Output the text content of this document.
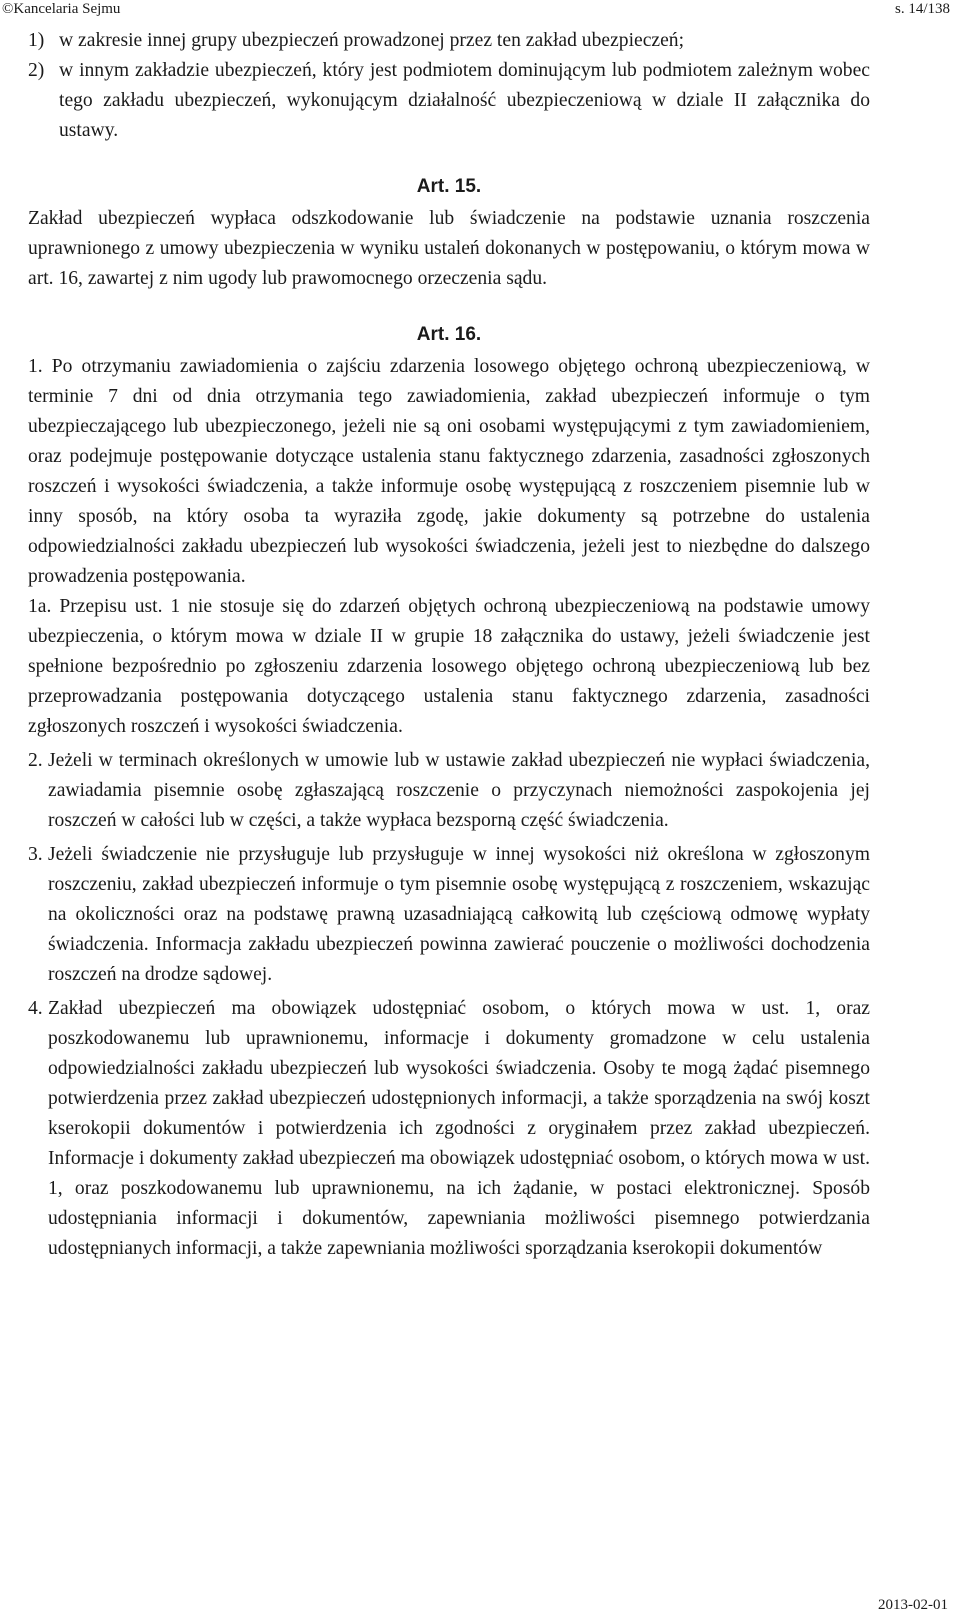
©Kancelaria Sejmu	s. 14/138
1) w zakresie innej grupy ubezpieczeń prowadzonej przez ten zakład ubezpieczeń;
2) w innym zakładzie ubezpieczeń, który jest podmiotem dominującym lub podmiotem zależnym wobec tego zakładu ubezpieczeń, wykonującym działalność ubezpieczeniową w dziale II załącznika do ustawy.
Art. 15.

Zakład ubezpieczeń wypłaca odszkodowanie lub świadczenie na podstawie uznania roszczenia uprawnionego z umowy ubezpieczenia w wyniku ustaleń dokonanych w postępowaniu, o którym mowa w art. 16, zawartej z nim ugody lub prawomocnego orzeczenia sądu.

Art. 16.

1. Po otrzymaniu zawiadomienia o zajściu zdarzenia losowego objętego ochroną ubezpieczeniową, w terminie 7 dni od dnia otrzymania tego zawiadomienia, zakład ubezpieczeń informuje o tym ubezpieczającego lub ubezpieczonego, jeżeli nie są oni osobami występującymi z tym zawiadomieniem, oraz podejmuje postępowanie dotyczące ustalenia stanu faktycznego zdarzenia, zasadności zgłoszonych roszczeń i wysokości świadczenia, a także informuje osobę występującą z roszczeniem pisemnie lub w inny sposób, na który osoba ta wyraziła zgodę, jakie dokumenty są potrzebne do ustalenia odpowiedzialności zakładu ubezpieczeń lub wysokości świadczenia, jeżeli jest to niezbędne do dalszego prowadzenia postępowania.

1a. Przepisu ust. 1 nie stosuje się do zdarzeń objętych ochroną ubezpieczeniową na podstawie umowy ubezpieczenia, o którym mowa w dziale II w grupie 18 załącznika do ustawy, jeżeli świadczenie jest spełnione bezpośrednio po zgłoszeniu zdarzenia losowego objętego ochroną ubezpieczeniową lub bez przeprowadzania postępowania dotyczącego ustalenia stanu faktycznego zdarzenia, zasadności zgłoszonych roszczeń i wysokości świadczenia.
2. Jeżeli w terminach określonych w umowie lub w ustawie zakład ubezpieczeń nie wypłaci świadczenia, zawiadamia pisemnie osobę zgłaszającą roszczenie o przyczynach niemożności zaspokojenia jej roszczeń w całości lub w części, a także wypłaca bezsporną część świadczenia.
3. Jeżeli świadczenie nie przysługuje lub przysługuje w innej wysokości niż określona w zgłoszonym roszczeniu, zakład ubezpieczeń informuje o tym pisemnie osobę występującą z roszczeniem, wskazując na okoliczności oraz na podstawę prawną uzasadniającą całkowitą lub częściową odmowę wypłaty świadczenia. Informacja zakładu ubezpieczeń powinna zawierać pouczenie o możliwości dochodzenia roszczeń na drodze sądowej.
4. Zakład ubezpieczeń ma obowiązek udostępniać osobom, o których mowa w ust. 1, oraz poszkodowanemu lub uprawnionemu, informacje i dokumenty gromadzone w celu ustalenia odpowiedzialności zakładu ubezpieczeń lub wysokości świadczenia. Osoby te mogą żądać pisemnego potwierdzenia przez zakład ubezpieczeń udostępnionych informacji, a także sporządzenia na swój koszt kserokopii dokumentów i potwierdzenia ich zgodności z oryginałem przez zakład ubezpieczeń. Informacje i dokumenty zakład ubezpieczeń ma obowiązek udostępniać osobom, o których mowa w ust. 1, oraz poszkodowanemu lub uprawnionemu, na ich żądanie, w postaci elektronicznej. Sposób udostępniania informacji i dokumentów, zapewniania możliwości pisemnego potwierdzania udostępnianych informacji, a także zapewniania możliwości sporządzania kserokopii dokumentów
2013-02-01
